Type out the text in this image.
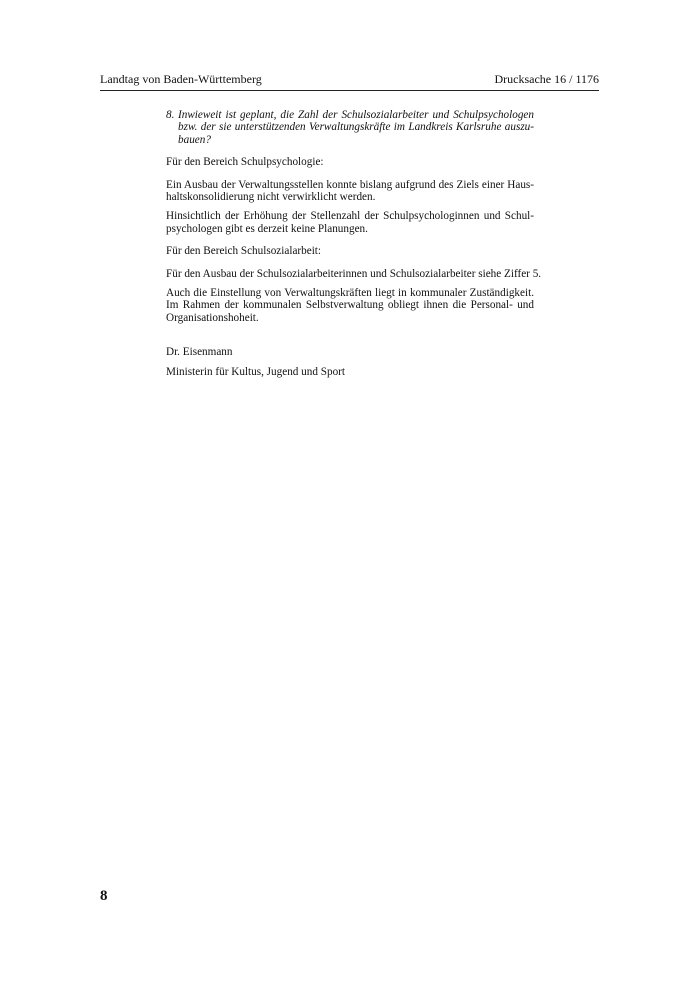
Landtag von Baden-Württemberg	Drucksache 16 / 1176
8. Inwieweit ist geplant, die Zahl der Schulsozialarbeiter und Schulpsychologen
bzw. der sie unterstützenden Verwaltungskräfte im Landkreis Karlsruhe auszu-
bauen?
Für den Bereich Schulpsychologie:
Ein Ausbau der Verwaltungsstellen konnte bislang aufgrund des Ziels einer Haus-
haltskonsolidierung nicht verwirklicht werden.
Hinsichtlich der Erhöhung der Stellenzahl der Schulpsychologinnen und Schul-
psychologen gibt es derzeit keine Planungen.
Für den Bereich Schulsozialarbeit:
Für den Ausbau der Schulsozialarbeiterinnen und Schulsozialarbeiter siehe Ziffer 5.
Auch die Einstellung von Verwaltungskräften liegt in kommunaler Zuständigkeit.
Im Rahmen der kommunalen Selbstverwaltung obliegt ihnen die Personal- und
Organisationshoheit.
Dr. Eisenmann
Ministerin für Kultus, Jugend und Sport
8
